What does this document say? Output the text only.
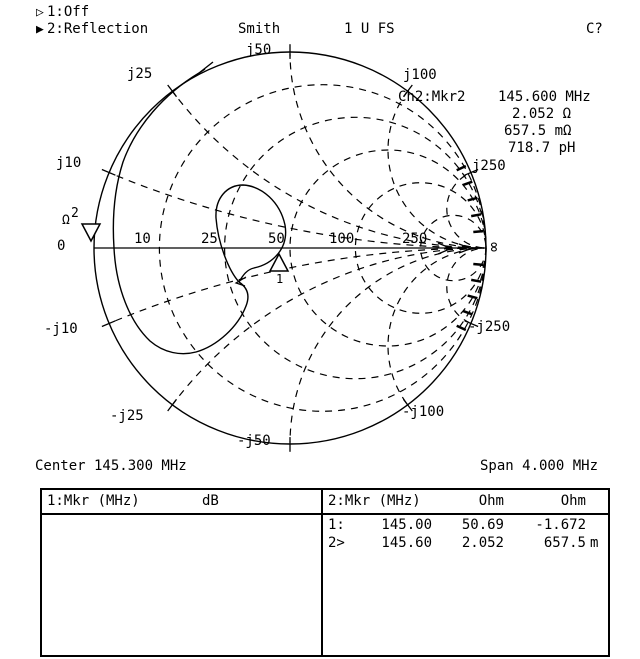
▷ 1:Off
▶ 2:Reflection	Smith	1 U FS	C?
Ch2:Mkr2 145.600 MHz
2.052 Ω
657.5 mΩ
718.7 pH
j50
j25
j10
-j10
-j25
-j50
j100
j250
-j250
-j100
Ω
0	10	25	50	100	250	∞
1
2
Center 145.300 MHz	Span 4.000 MHz
1:Mkr (MHz)	dB	2:Mkr (MHz)	Ohm	Ohm
1:	145.00	50.69	-1.672
2>	145.60	2.052	657.5 m
